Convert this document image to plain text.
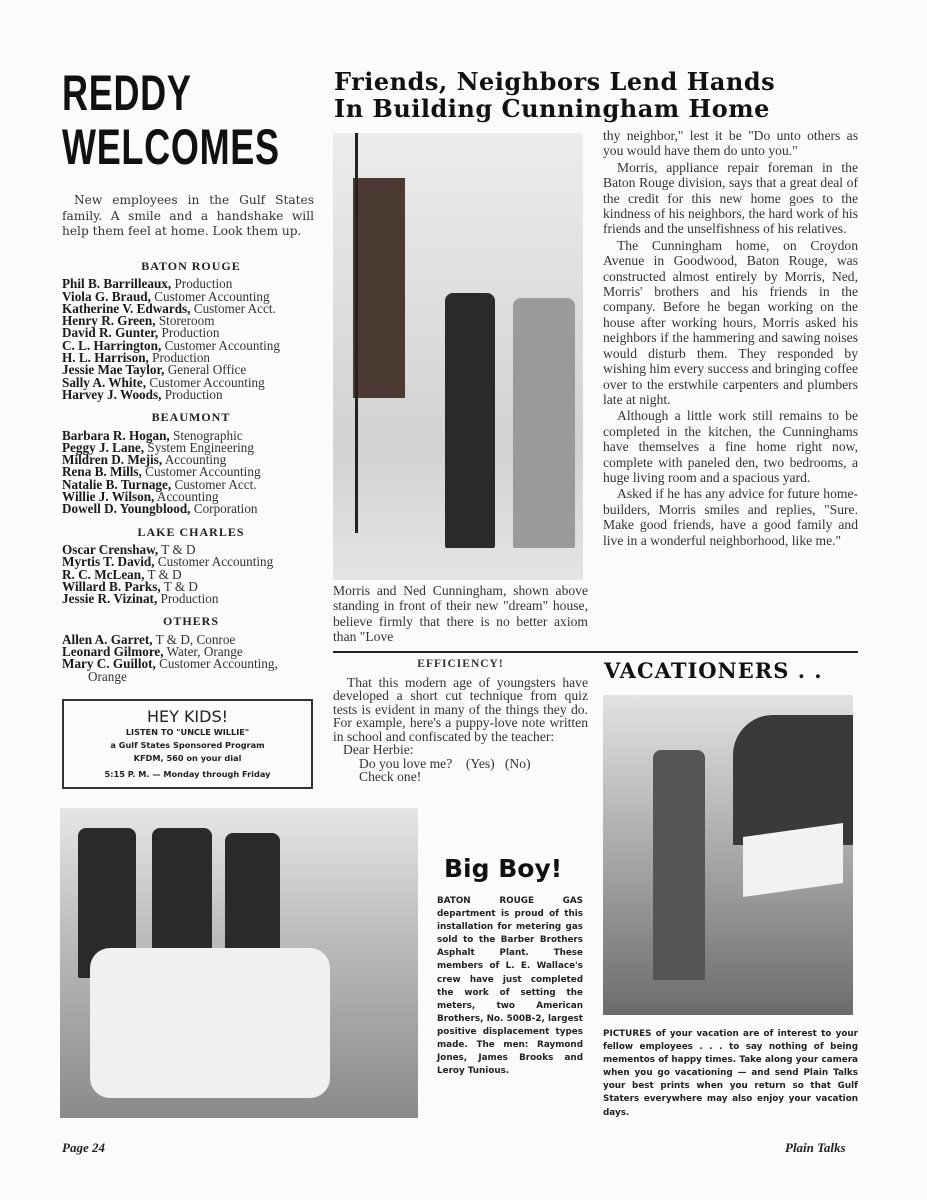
REDDY
WELCOMES
New employees in the Gulf States family. A smile and a handshake will help them feel at home. Look them up.
BATON ROUGE
Phil B. Barrilleaux, Production
Viola G. Braud, Customer Accounting
Katherine V. Edwards, Customer Acct.
Henry R. Green, Storeroom
David R. Gunter, Production
C. L. Harrington, Customer Accounting
H. L. Harrison, Production
Jessie Mae Taylor, General Office
Sally A. White, Customer Accounting
Harvey J. Woods, Production
BEAUMONT
Barbara R. Hogan, Stenographic
Peggy J. Lane, System Engineering
Mildren D. Mejis, Accounting
Rena B. Mills, Customer Accounting
Natalie B. Turnage, Customer Acct.
Willie J. Wilson, Accounting
Dowell D. Youngblood, Corporation
LAKE CHARLES
Oscar Crenshaw, T & D
Myrtis T. David, Customer Accounting
R. C. McLean, T & D
Willard B. Parks, T & D
Jessie R. Vizinat, Production
OTHERS
Allen A. Garret, T & D, Conroe
Leonard Gilmore, Water, Orange
Mary C. Guillot, Customer Accounting,
Orange
HEY KIDS!
LISTEN TO "UNCLE WILLIE"
a Gulf States Sponsored Program
KFDM, 560 on your dial
5:15 P. M. — Monday through Friday
Friends, Neighbors Lend Hands
In Building Cunningham Home
Morris and Ned Cunningham, shown above standing in front of their new "dream" house, believe firmly that there is no better axiom than "Love

thy neighbor," lest it be "Do unto others as you would have them do unto you."

Morris, appliance repair foreman in the Baton Rouge division, says that a great deal of the credit for this new home goes to the kindness of his neighbors, the hard work of his friends and the unselfishness of his relatives.

The Cunningham home, on Croydon Avenue in Goodwood, Baton Rouge, was constructed almost entirely by Morris, Ned, Morris' brothers and his friends in the company. Before he began working on the house after working hours, Morris asked his neighbors if the hammering and sawing noises would disturb them. They responded by wishing him every success and bringing coffee over to the erstwhile carpenters and plumbers late at night.

Although a little work still remains to be completed in the kitchen, the Cunninghams have themselves a fine home right now, complete with paneled den, two bedrooms, a huge living room and a spacious yard.

Asked if he has any advice for future home-builders, Morris smiles and replies, "Sure. Make good friends, have a good family and live in a wonderful neighborhood, like me."

EFFICIENCY!

That this modern age of youngsters have developed a short cut technique from quiz tests is evident in many of the things they do. For example, here's a puppy-love note written in school and confiscated by the teacher:

Dear Herbie:
Do you love me?    (Yes)   (No)
Check one!
VACATIONERS . .
PICTURES of your vacation are of interest to your fellow employees . . . to say nothing of being mementos of happy times. Take along your camera when you go vacationing — and send Plain Talks your best prints when you return so that Gulf Staters everywhere may also enjoy your vacation days.
Big Boy!
BATON ROUGE GAS department is proud of this installation for metering gas sold to the Barber Brothers Asphalt Plant. These members of L. E. Wallace's crew have just completed the work of setting the meters, two American Brothers, No. 500B-2, largest positive displacement types made. The men: Raymond Jones, James Brooks and Leroy Tunious.
Page 24	Plain Talks
